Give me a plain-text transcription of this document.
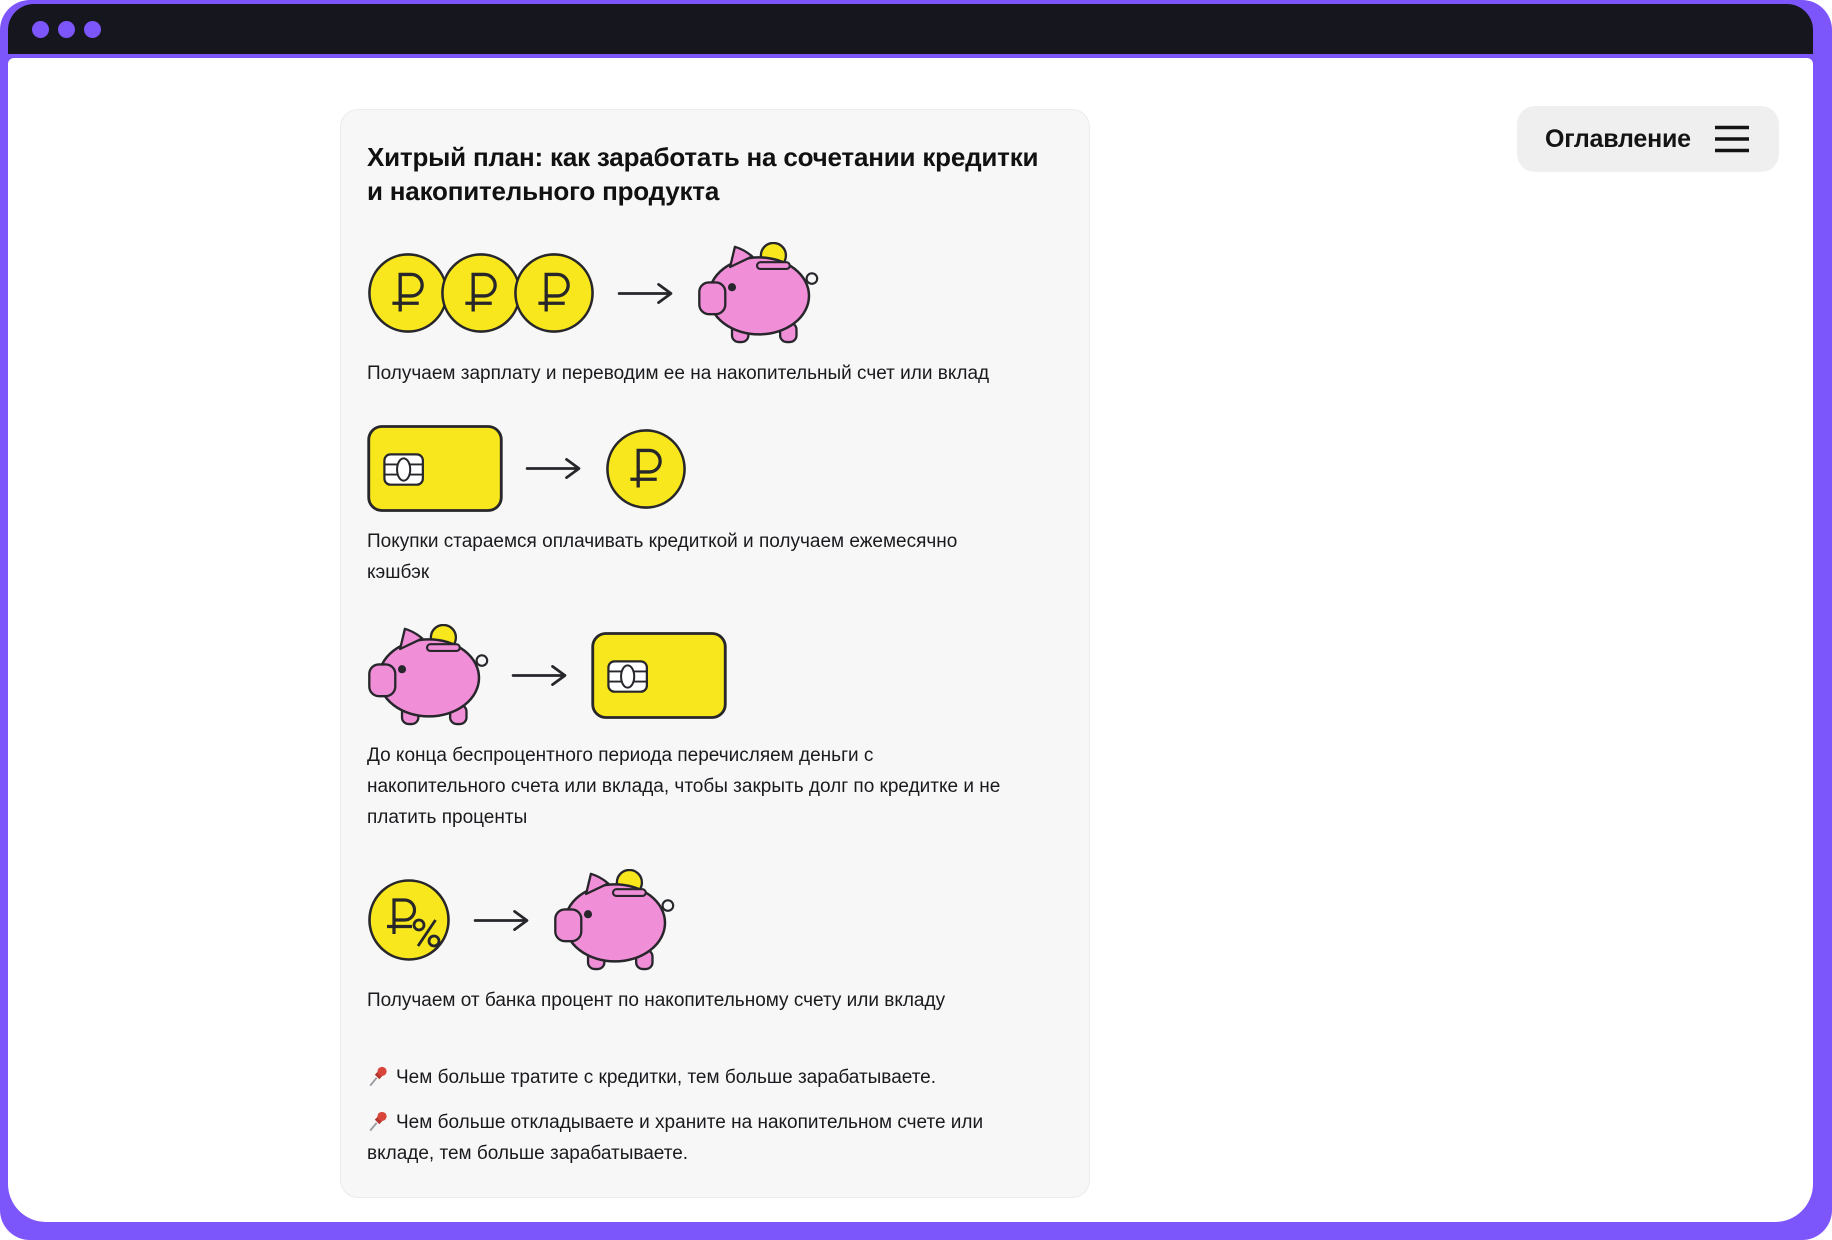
Хитрый план: как заработать на сочетании кредитки и накопительного продукта

Получаем зарплату и переводим ее на накопительный счет или вклад

Покупки стараемся оплачивать кредиткой и получаем ежемесячно кэшбэк

До конца беспроцентного периода перечисляем деньги с накопительного счета или вклада, чтобы закрыть долг по кредитке и не платить проценты

Получаем от банка процент по накопительному счету или вкладу

Чем больше тратите с кредитки, тем больше зарабатываете.

Чем больше откладываете и храните на накопительном счете или вкладе, тем больше зарабатываете.

Оглавление
